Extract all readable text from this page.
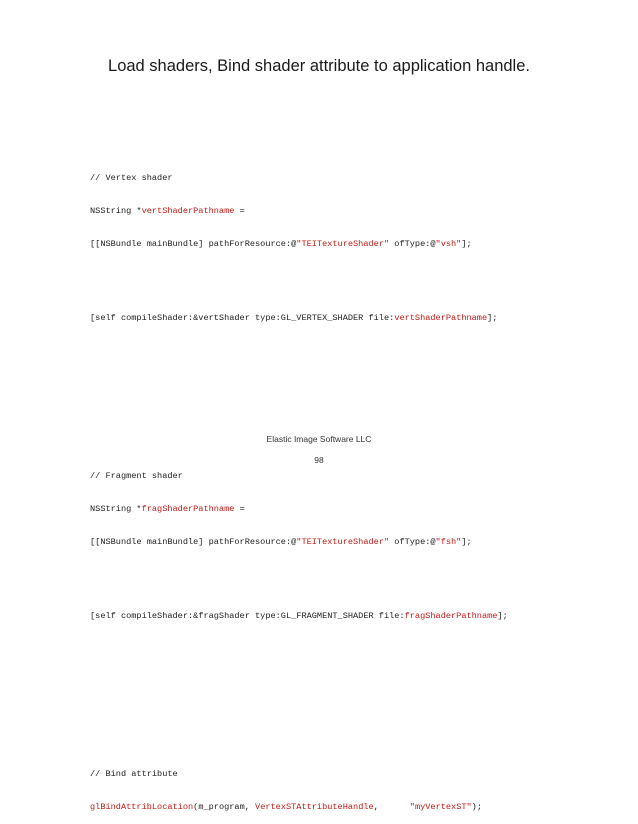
Load shaders, Bind shader attribute to application handle.

// Vertex shader

NSString *vertShaderPathname =

[[NSBundle mainBundle] pathForResource:@"TEITextureShader" ofType:@"vsh"];

[self compileShader:&vertShader type:GL_VERTEX_SHADER file:vertShaderPathname];

// Fragment shader

NSString *fragShaderPathname =

[[NSBundle mainBundle] pathForResource:@"TEITextureShader" ofType:@"fsh"];

[self compileShader:&fragShader type:GL_FRAGMENT_SHADER file:fragShaderPathname];

// Bind attribute

glBindAttribLocation(m_program, VertexSTAttributeHandle,      "myVertexST");

Elastic Image Software LLC
98
